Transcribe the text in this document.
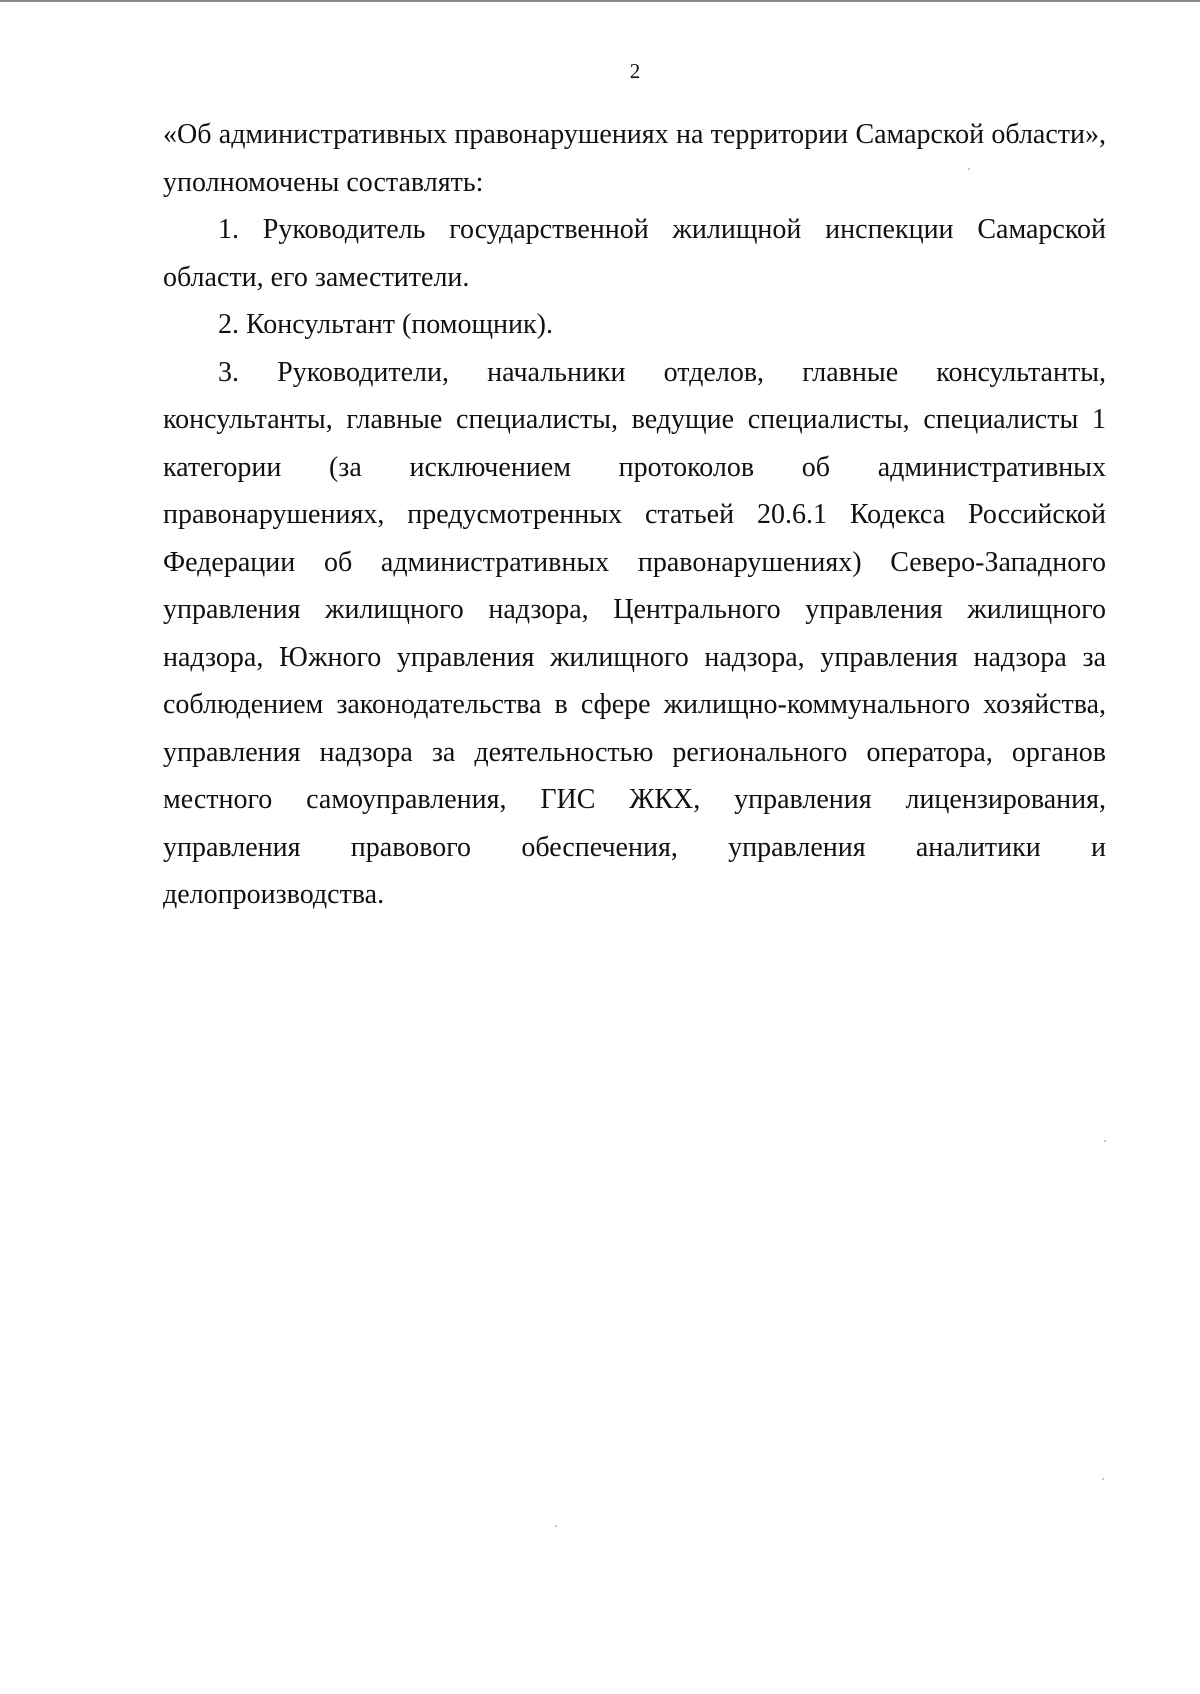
2

«Об административных правонарушениях на территории Самарской области», уполномочены составлять:

1. Руководитель государственной жилищной инспекции Самарской области, его заместители.

2. Консультант (помощник).

3. Руководители, начальники отделов, главные консультанты, консультанты, главные специалисты, ведущие специалисты, специалисты 1 категории (за исключением протоколов об административных правонарушениях, предусмотренных статьей 20.6.1 Кодекса Российской Федерации об административных правонарушениях) Северо-Западного управления жилищного надзора, Центрального управления жилищного надзора, Южного управления жилищного надзора, управления надзора за соблюдением законодательства в сфере жилищно-коммунального хозяйства, управления надзора за деятельностью регионального оператора, органов местного самоуправления, ГИС ЖКХ, управления лицензирования, управления правового обеспечения, управления аналитики и делопроизводства.
